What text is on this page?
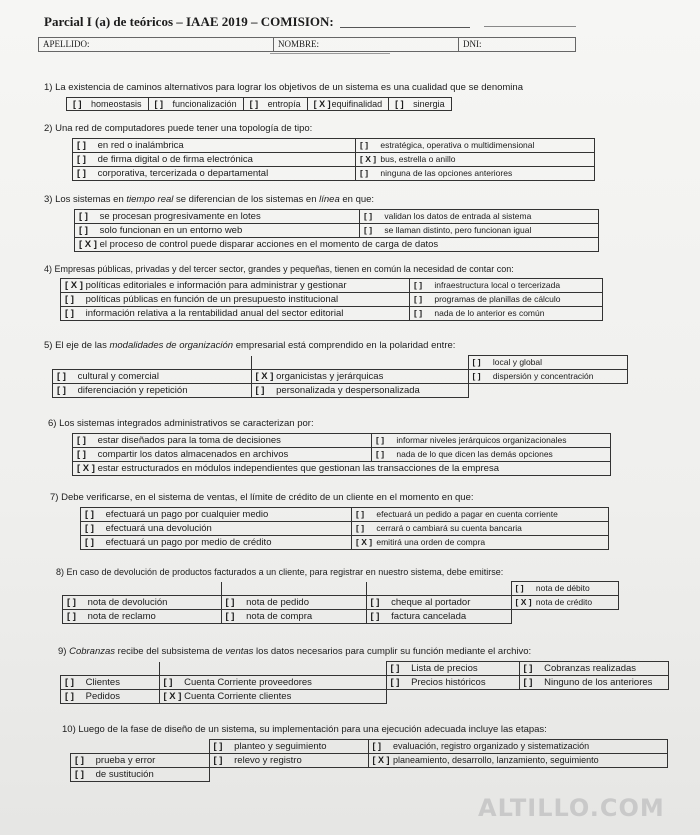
Parcial I (a) de teóricos – IAAE 2019 – COMISION:
APELLIDO:	NOMBRE:	DNI:
1) La existencia de caminos alternativos para lograr los objetivos de un sistema es una cualidad que se denomina
[ ] homeostasis	[ ] funcionalización	[ ] entropía	[ X ]equifinalidad	[ ] sinergia
2) Una red de computadores puede tener una topología de tipo:
[ ] en red o inalámbrica	[ ] estratégica, operativa o multidimensional
[ ] de firma digital o de firma electrónica	[ X ] bus, estrella o anillo
[ ] corporativa, tercerizada o departamental	[ ] ninguna de las opciones anteriores
3) Los sistemas en tiempo real se diferencian de los sistemas en línea en que:
[ ] se procesan progresivamente en lotes	[ ] validan los datos de entrada al sistema
[ ] solo funcionan en un entorno web	[ ] se llaman distinto, pero funcionan igual
[ X ] el proceso de control puede disparar acciones en el momento de carga de datos	
4) Empresas públicas, privadas y del tercer sector, grandes y pequeñas, tienen en común la necesidad de contar con:
[ X ] políticas editoriales e información para administrar y gestionar	[ ] infraestructura local o tercerizada
[ ] políticas públicas en función de un presupuesto institucional	[ ] programas de planillas de cálculo
[ ] información relativa a la rentabilidad anual del sector editorial	[ ] nada de lo anterior es común
5) El eje de las modalidades de organización empresarial está comprendido en la polaridad entre:
		[ ] local y global
[ ] cultural y comercial	[ X ] organicistas y jerárquicas	[ ] dispersión y concentración
[ ] diferenciación y repetición	[ ] personalizada y despersonalizada	
6) Los sistemas integrados administrativos se caracterizan por:
[ ] estar diseñados para la toma de decisiones	[ ] informar niveles jerárquicos organizacionales
[ ] compartir los datos almacenados en archivos	[ ] nada de lo que dicen las demás opciones
[ X ] estar estructurados en módulos independientes que gestionan las transacciones de la empresa	
7) Debe verificarse, en el sistema de ventas, el límite de crédito de un cliente en el momento en que:
[ ] efectuará un pago por cualquier medio	[ ] efectuará un pedido a pagar en cuenta corriente
[ ] efectuará una devolución	[ ] cerrará o cambiará su cuenta bancaria
[ ] efectuará un pago por medio de crédito	[ X ] emitirá una orden de compra
8) En caso de devolución de productos facturados a un cliente, para registrar en nuestro sistema, debe emitirse:
			[ ] nota de débito
[ ] nota de devolución	[ ] nota de pedido	[ ] cheque al portador	[ X ] nota de crédito
[ ] nota de reclamo	[ ] nota de compra	[ ] factura cancelada	
9) Cobranzas recibe del subsistema de ventas los datos necesarios para cumplir su función mediante el archivo:
		[ ] Lista de precios	[ ] Cobranzas realizadas
[ ] Clientes	[ ] Cuenta Corriente proveedores	[ ] Precios históricos	[ ] Ninguno de los anteriores
[ ] Pedidos	[ X ] Cuenta Corriente clientes		
10) Luego de la fase de diseño de un sistema, su implementación para una ejecución adecuada incluye las etapas:
	[ ] planteo y seguimiento	[ ] evaluación, registro organizado y sistematización
[ ] prueba y error	[ ] relevo y registro	[ X ] planeamiento, desarrollo, lanzamiento, seguimiento
[ ] de sustitución		
ALTILLO.COM
